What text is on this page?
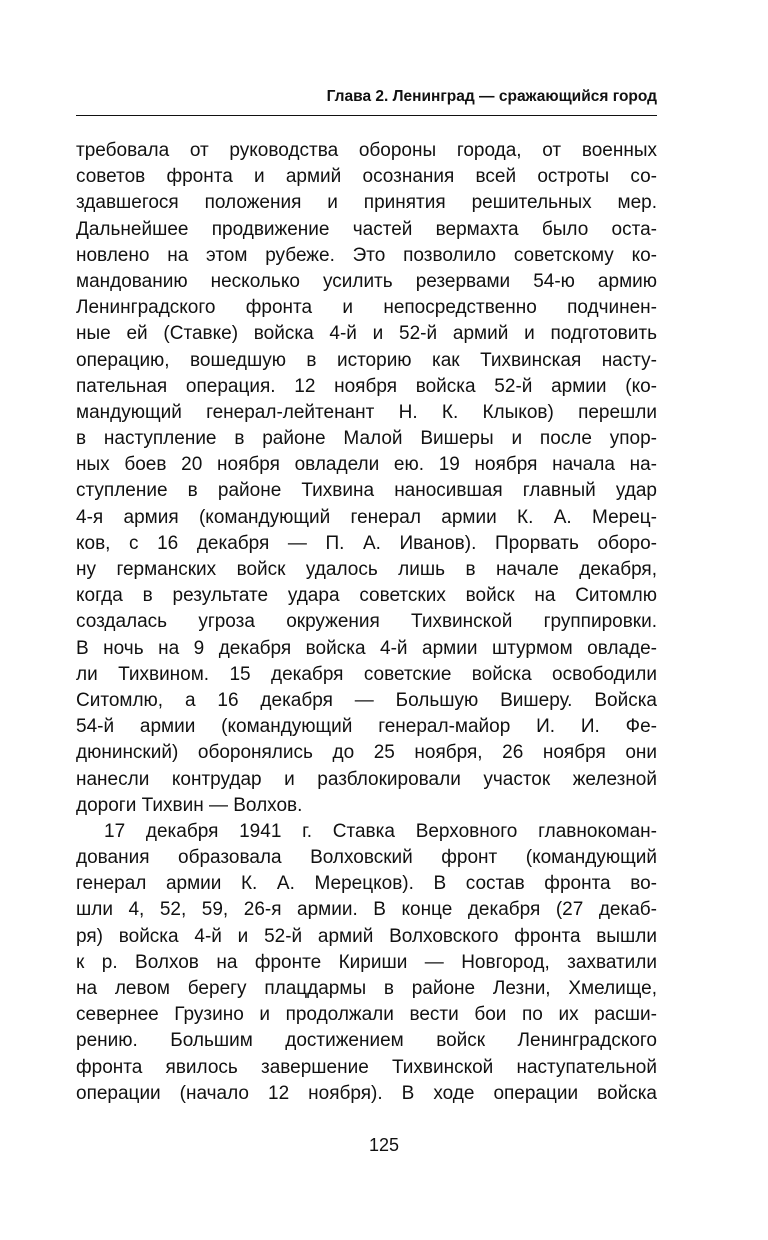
Глава 2. Ленинград — сражающийся город
требовала от руководства обороны города, от военных
советов фронта и армий осознания всей остроты со-
здавшегося положения и принятия решительных мер.
Дальнейшее продвижение частей вермахта было оста-
новлено на этом рубеже. Это позволило советскому ко-
мандованию несколько усилить резервами 54-ю армию
Ленинградского фронта и непосредственно подчинен-
ные ей (Ставке) войска 4-й и 52-й армий и подготовить
операцию, вошедшую в историю как Тихвинская насту-
пательная операция. 12 ноября войска 52-й армии (ко-
мандующий генерал-лейтенант Н. К. Клыков) перешли
в наступление в районе Малой Вишеры и после упор-
ных боев 20 ноября овладели ею. 19 ноября начала на-
ступление в районе Тихвина наносившая главный удар
4-я армия (командующий генерал армии К. А. Мерец-
ков, с 16 декабря — П. А. Иванов). Прорвать оборо-
ну германских войск удалось лишь в начале декабря,
когда в результате удара советских войск на Ситомлю
создалась угроза окружения Тихвинской группировки.
В ночь на 9 декабря войска 4-й армии штурмом овладе-
ли Тихвином. 15 декабря советские войска освободили
Ситомлю, а 16 декабря — Большую Вишеру. Войска
54-й армии (командующий генерал-майор И. И. Фе-
дюнинский) оборонялись до 25 ноября, 26 ноября они
нанесли контрудар и разблокировали участок железной
дороги Тихвин — Волхов.
17 декабря 1941 г. Ставка Верховного главнокоман-
дования образовала Волховский фронт (командующий
генерал армии К. А. Мерецков). В состав фронта во-
шли 4, 52, 59, 26-я армии. В конце декабря (27 декаб-
ря) войска 4-й и 52-й армий Волховского фронта вышли
к р. Волхов на фронте Кириши — Новгород, захватили
на левом берегу плацдармы в районе Лезни, Хмелище,
севернее Грузино и продолжали вести бои по их расши-
рению. Большим достижением войск Ленинградского
фронта явилось завершение Тихвинской наступательной
операции (начало 12 ноября). В ходе операции войска
125
